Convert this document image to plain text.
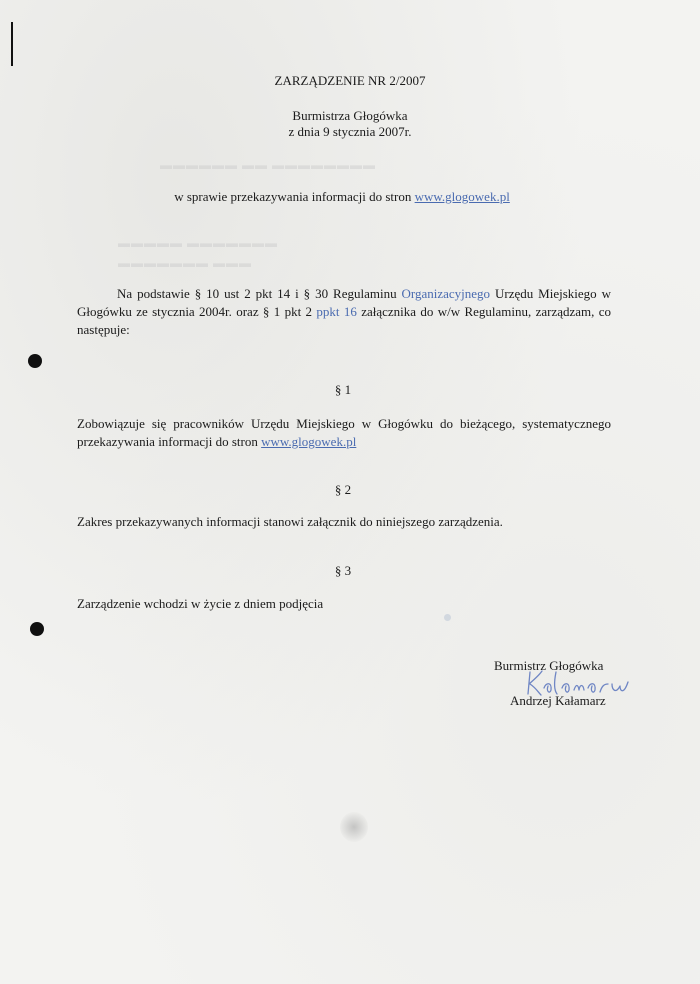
▬▬▬▬▬▬ ▬▬ ▬▬▬▬▬▬▬▬
▬▬▬▬▬ ▬▬▬▬▬▬▬
▬▬▬▬▬▬▬ ▬▬▬
ZARZĄDZENIE NR 2/2007
Burmistrza Głogówka
z dnia 9 stycznia 2007r.
w sprawie przekazywania informacji do stron www.glogowek.pl
Na podstawie § 10 ust 2 pkt 14 i § 30 Regulaminu Organizacyjnego Urzędu Miejskiego w Głogówku ze stycznia 2004r. oraz § 1 pkt 2 ppkt 16 załącznika do w/w Regulaminu, zarządzam, co następuje:
§ 1
Zobowiązuje się pracowników Urzędu Miejskiego w Głogówku do bieżącego, systematycznego przekazywania informacji do stron www.glogowek.pl
§ 2
Zakres przekazywanych informacji stanowi załącznik do niniejszego zarządzenia.
§ 3
Zarządzenie wchodzi w życie z dniem podjęcia
Burmistrz Głogówka
Andrzej Kałamarz
